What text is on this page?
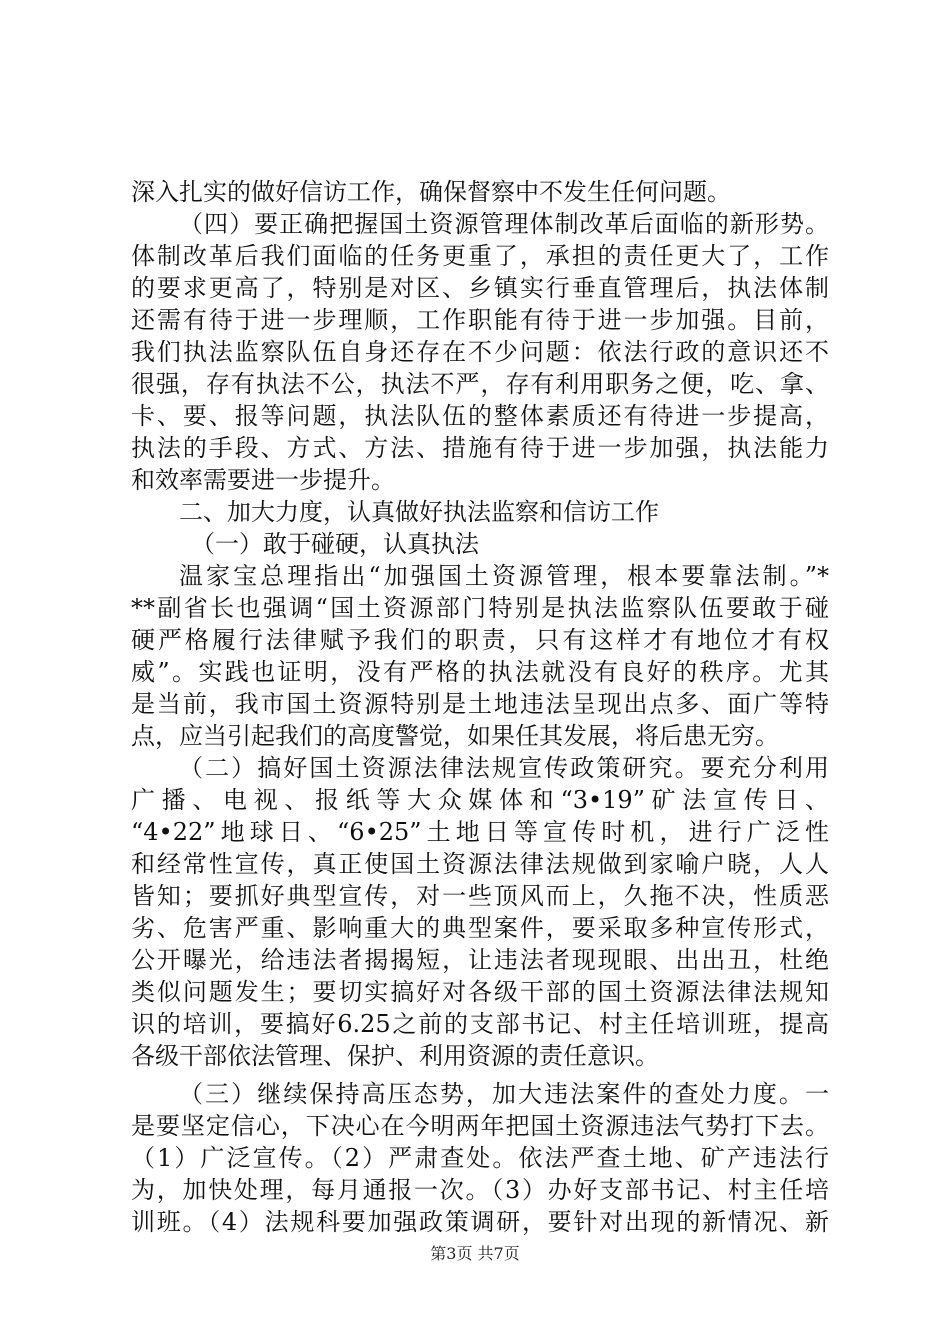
深入扎实的做好信访工作，确保督察中不发生任何问题。
（四）要正确把握国土资源管理体制改革后面临的新形势。
体制改革后我们面临的任务更重了，承担的责任更大了，工作
的要求更高了，特别是对区、乡镇实行垂直管理后，执法体制
还需有待于进一步理顺，工作职能有待于进一步加强。目前，
我们执法监察队伍自身还存在不少问题：依法行政的意识还不
很强，存有执法不公，执法不严，存有利用职务之便，吃、拿、
卡、要、报等问题，执法队伍的整体素质还有待进一步提高，
执法的手段、方式、方法、措施有待于进一步加强，执法能力
和效率需要进一步提升。
二、加大力度，认真做好执法监察和信访工作
（一）敢于碰硬，认真执法
温家宝总理指出“加强国土资源管理，根本要靠法制。”*
**副省长也强调“国土资源部门特别是执法监察队伍要敢于碰
硬严格履行法律赋予我们的职责，只有这样才有地位才有权
威”。实践也证明，没有严格的执法就没有良好的秩序。尤其
是当前，我市国土资源特别是土地违法呈现出点多、面广等特
点，应当引起我们的高度警觉，如果任其发展，将后患无穷。
（二）搞好国土资源法律法规宣传政策研究。要充分利用
广播、电视、报纸等大众媒体和“3•19”矿法宣传日、
“4•22”地球日、“6•25”土地日等宣传时机，进行广泛性
和经常性宣传，真正使国土资源法律法规做到家喻户晓，人人
皆知；要抓好典型宣传，对一些顶风而上，久拖不决，性质恶
劣、危害严重、影响重大的典型案件，要采取多种宣传形式，
公开曝光，给违法者揭揭短，让违法者现现眼、出出丑，杜绝
类似问题发生；要切实搞好对各级干部的国土资源法律法规知
识的培训，要搞好6.25之前的支部书记、村主任培训班，提高
各级干部依法管理、保护、利用资源的责任意识。
（三）继续保持高压态势，加大违法案件的查处力度。一
是要坚定信心，下决心在今明两年把国土资源违法气势打下去。
（1）广泛宣传。（2）严肃查处。依法严查土地、矿产违法行
为，加快处理，每月通报一次。（3）办好支部书记、村主任培
训班。（4）法规科要加强政策调研，要针对出现的新情况、新
第3页 共7页
